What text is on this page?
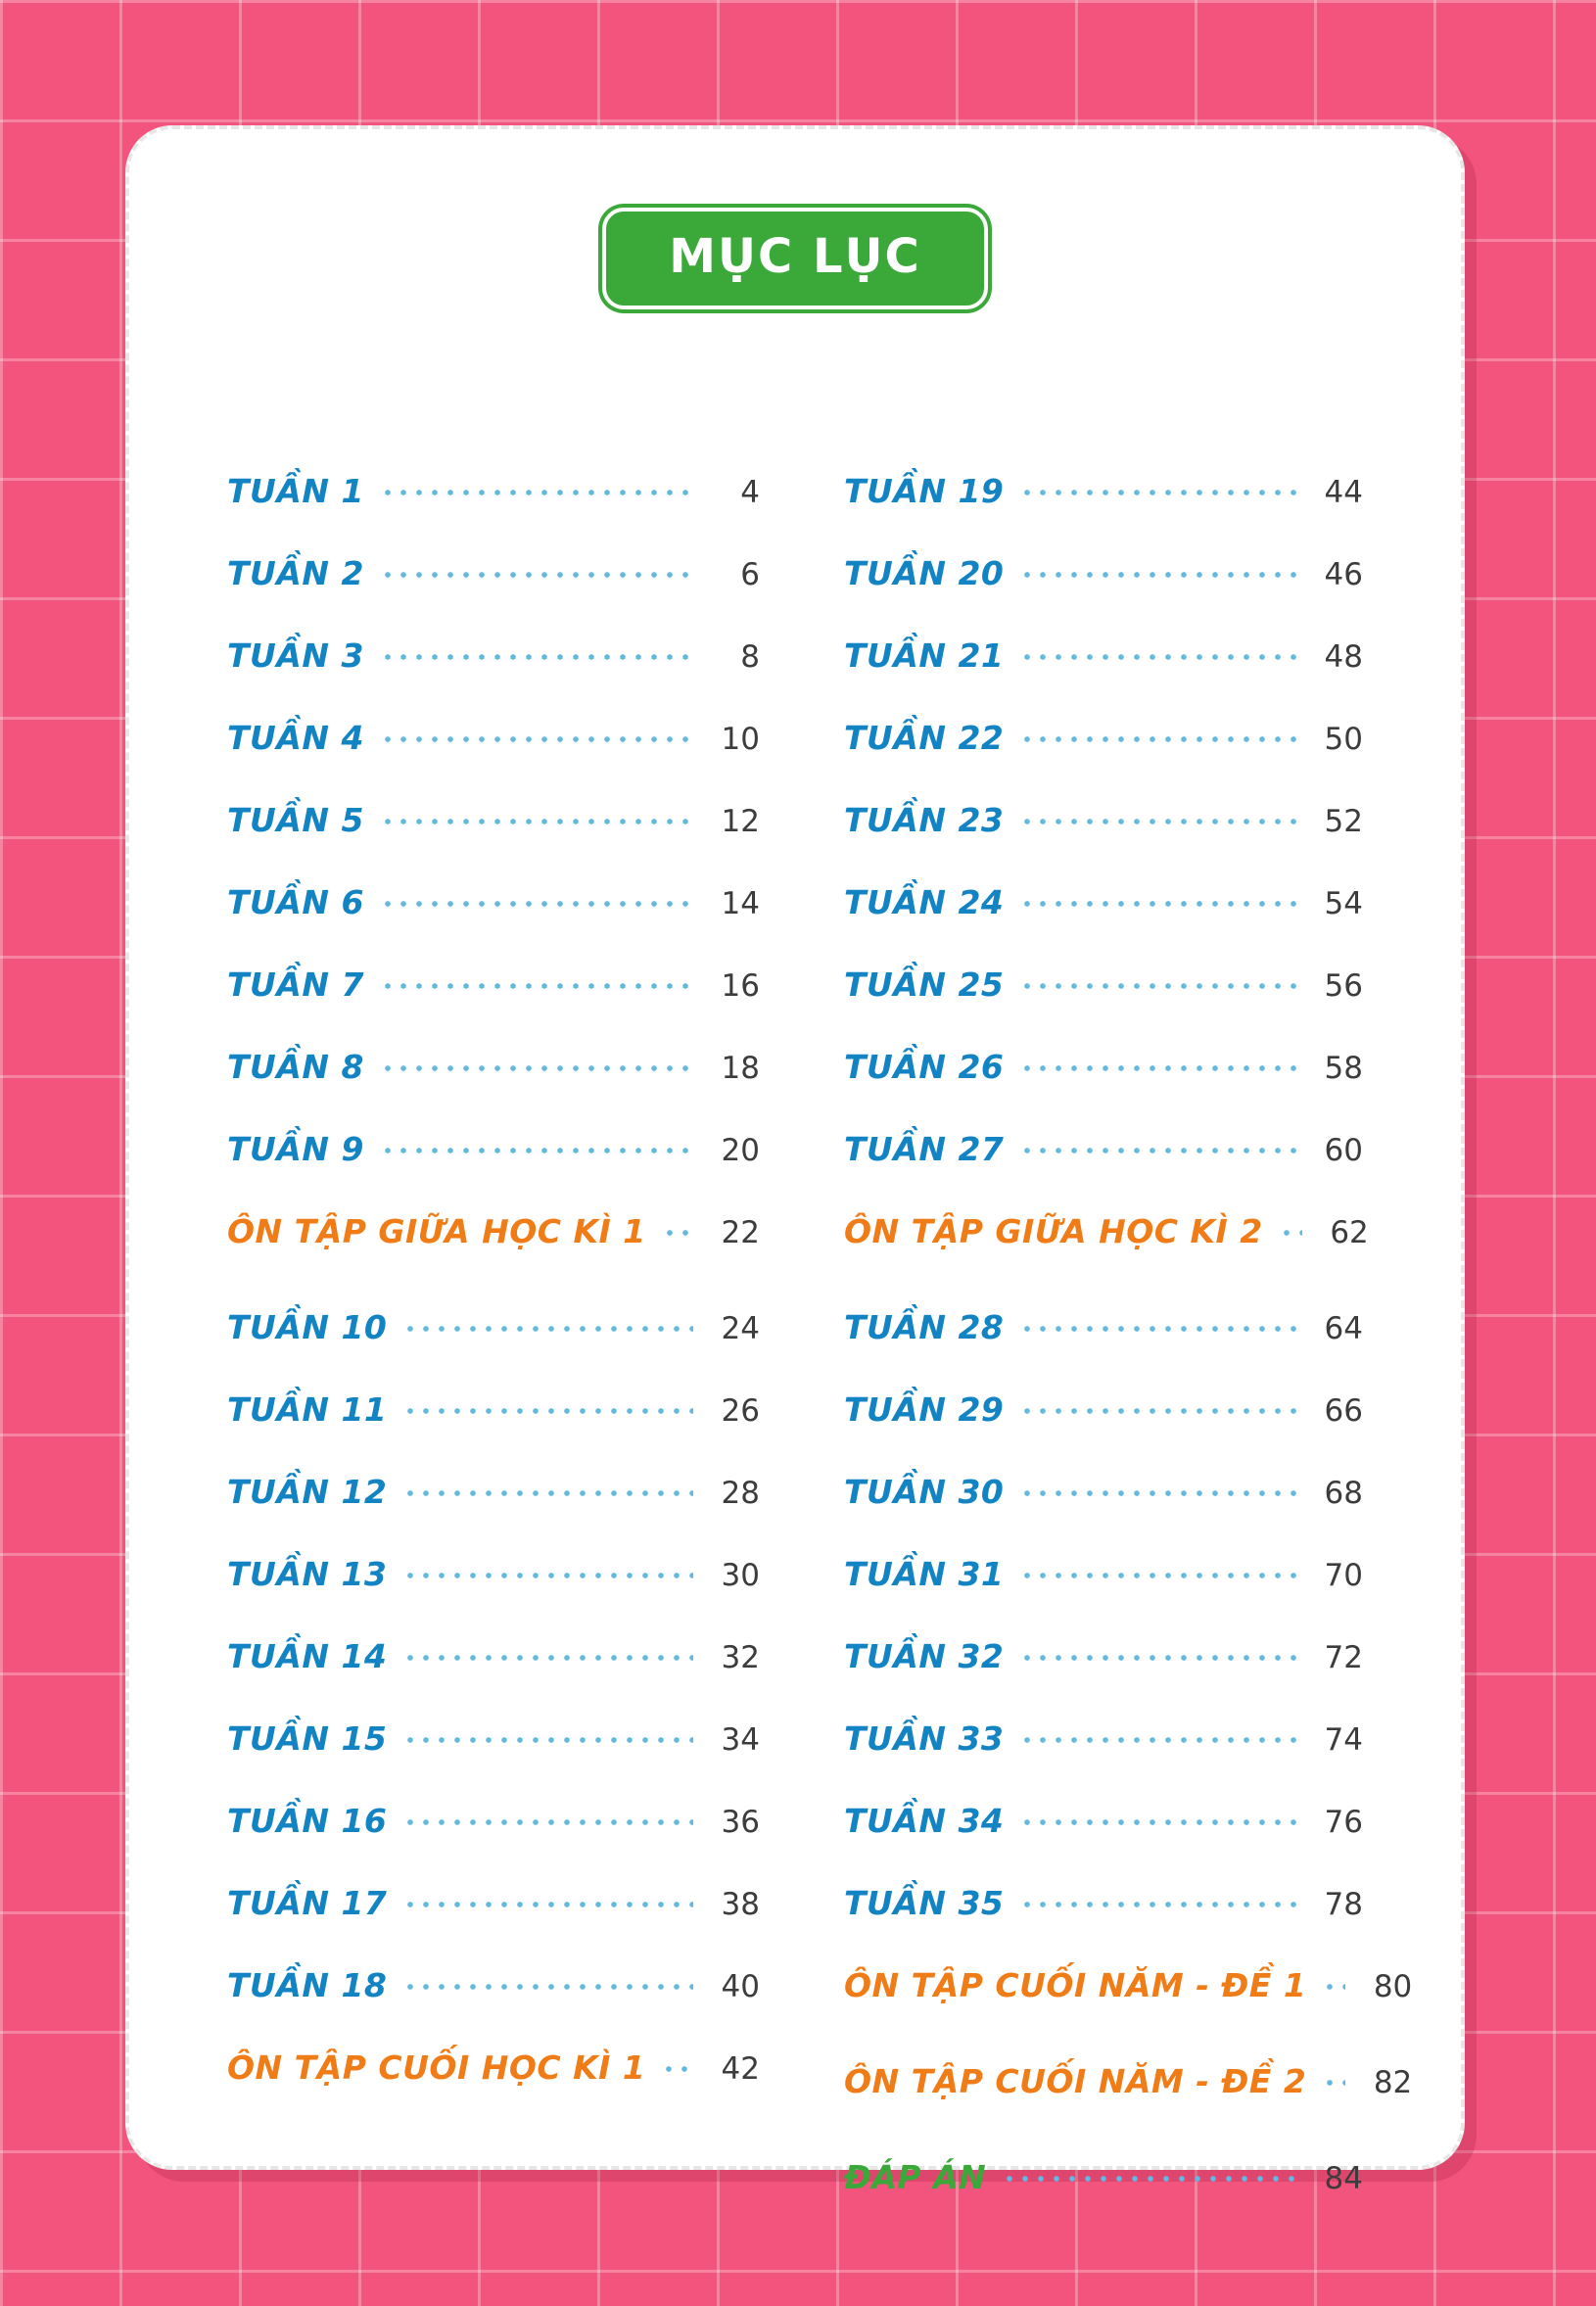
MỤC LỤC
TUẦN 1	4
TUẦN 2	6
TUẦN 3	8
TUẦN 4	10
TUẦN 5	12
TUẦN 6	14
TUẦN 7	16
TUẦN 8	18
TUẦN 9	20
ÔN TẬP GIỮA HỌC KÌ 1	22
TUẦN 10	24
TUẦN 11	26
TUẦN 12	28
TUẦN 13	30
TUẦN 14	32
TUẦN 15	34
TUẦN 16	36
TUẦN 17	38
TUẦN 18	40
ÔN TẬP CUỐI HỌC KÌ 1	42
TUẦN 19	44
TUẦN 20	46
TUẦN 21	48
TUẦN 22	50
TUẦN 23	52
TUẦN 24	54
TUẦN 25	56
TUẦN 26	58
TUẦN 27	60
ÔN TẬP GIỮA HỌC KÌ 2	62
TUẦN 28	64
TUẦN 29	66
TUẦN 30	68
TUẦN 31	70
TUẦN 32	72
TUẦN 33	74
TUẦN 34	76
TUẦN 35	78
ÔN TẬP CUỐI NĂM - ĐỀ 1	80
ÔN TẬP CUỐI NĂM - ĐỀ 2	82
ĐÁP ÁN	84
